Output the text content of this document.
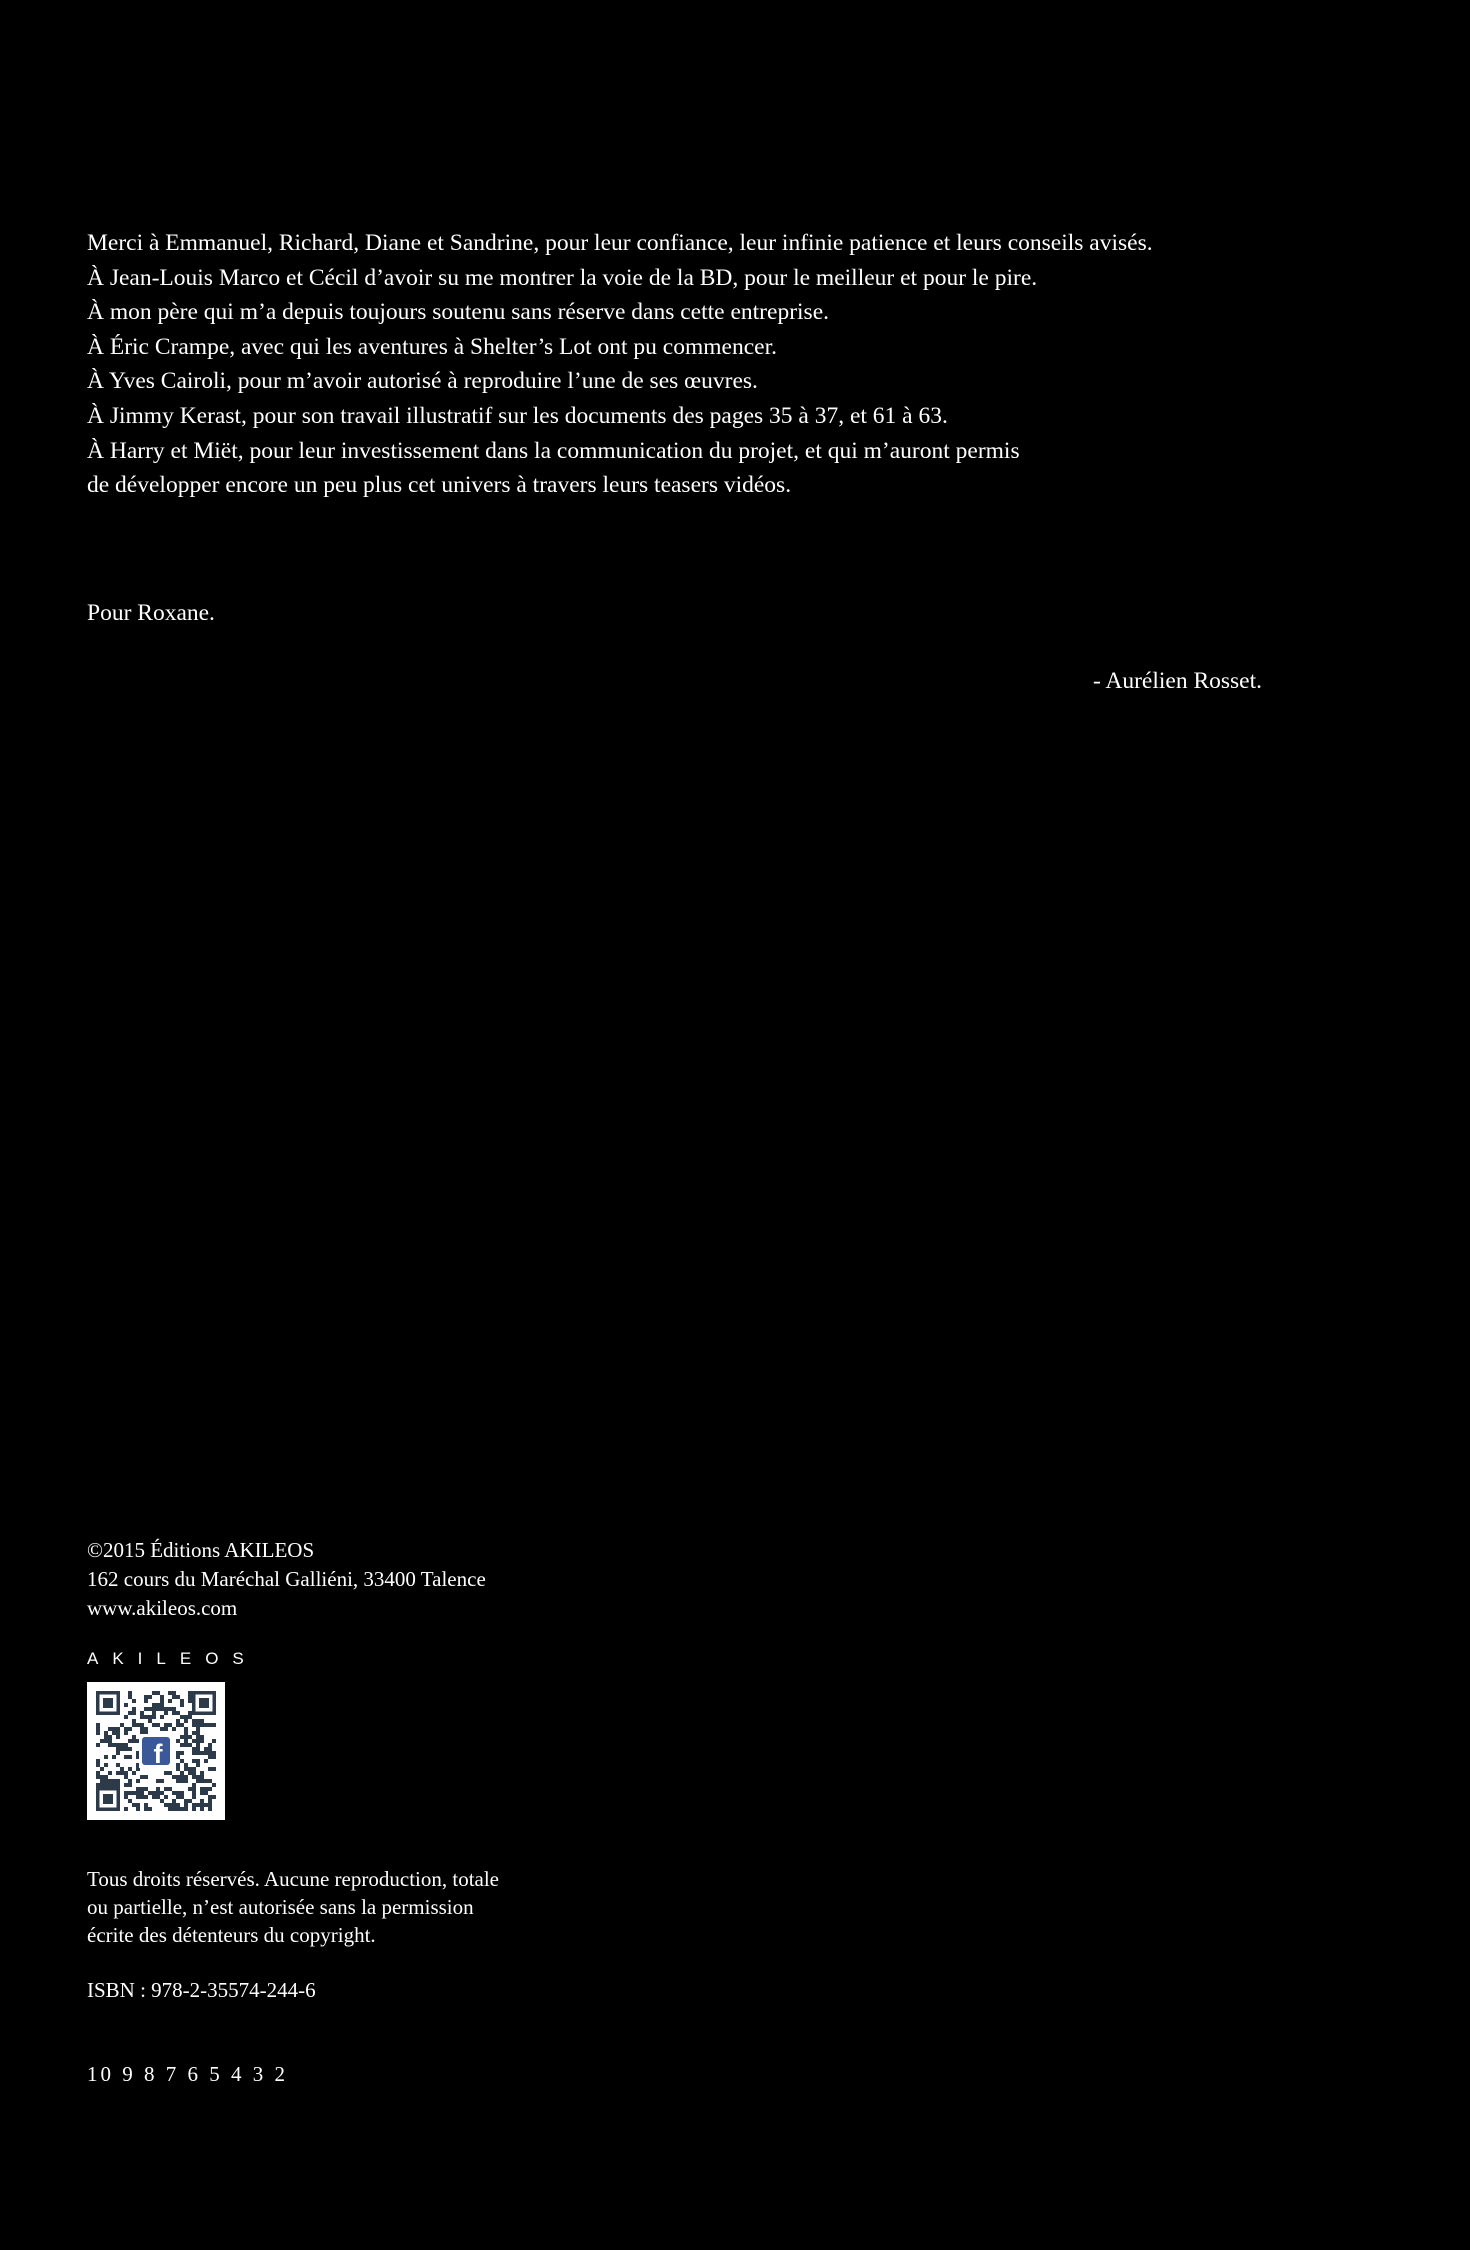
Merci à Emmanuel, Richard, Diane et Sandrine, pour leur confiance, leur infinie patience et leurs conseils avisés.

À Jean-Louis Marco et Cécil d’avoir su me montrer la voie de la BD, pour le meilleur et pour le pire.

À mon père qui m’a depuis toujours soutenu sans réserve dans cette entreprise.

À Éric Crampe, avec qui les aventures à Shelter’s Lot ont pu commencer.

À Yves Cairoli, pour m’avoir autorisé à reproduire l’une de ses œuvres.

À Jimmy Kerast, pour son travail illustratif sur les documents des pages 35 à 37, et 61 à 63.

À Harry et Miët, pour leur investissement dans la communication du projet, et qui m’auront permis

de développer encore un peu plus cet univers à travers leurs teasers vidéos.

Pour Roxane.

- Aurélien Rosset.

©2015 Éditions AKILEOS

162 cours du Maréchal Galliéni, 33400 Talence

www.akileos.com

AKILEOS

f

Tous droits réservés. Aucune reproduction, totale

ou partielle, n’est autorisée sans la permission

écrite des détenteurs du copyright.

ISBN : 978-2-35574-244-6

10 9 8 7 6 5 4 3 2
